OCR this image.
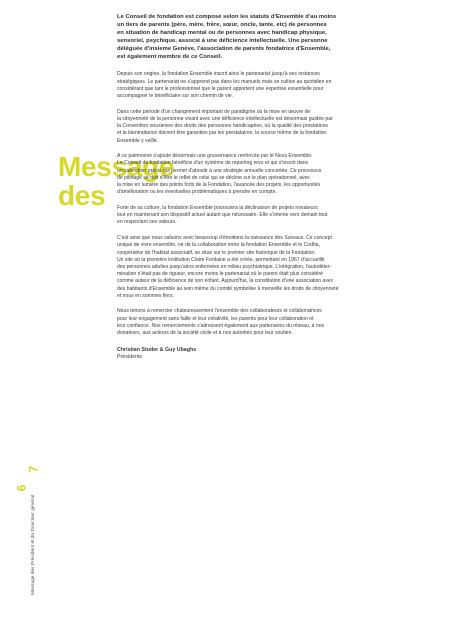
Message
des
Le Conseil de fondation est composé selon les statuts d'Ensemble d'au moins
un tiers de parents (père, mère, frère, sœur, oncle, tante, etc) de personnes
en situation de handicap mental ou de personnes avec handicap physique,
sensoriel, psychique, associé à une déficience intellectuelle. Une personne
déléguée d'insieme Genève, l'association de parents fondatrice d'Ensemble,
est également membre de ce Conseil.
Depuis son origine, la fondation Ensemble inscrit ainsi le partenariat jusqu'à ses instances
stratégiques. Le partenariat ne s'apprend pas dans les manuels mais se cultive au quotidien en
considérant que tant le professionnel que le parent apportent une expertise essentielle pour
accompagner le bénéficiaire sur son chemin de vie.
Dans cette période d'un changement important de paradigme où la mise en œuvre de
la citoyenneté de la personne vivant avec une déficience intellectuelle est désormais guidée par
la Convention onusienne des droits des personnes handicapées, où la qualité des prestations
et la bientraitance doivent être garanties par les prestataires, la source même de la fondation
Ensemble y veille.
A ce patrimoine s'ajoute désormais une gouvernance renforcée par le Nous Ensemble.
Le Conseil de fondation bénéficie d'un système de reporting revu et qui s'inscrit dans
un calendrier précis qui permet d'aboutir à une stratégie annuelle concertée. Ce processus
de pilotage se doit d'être le reflet de celui qui se décline sur le plan opérationnel, avec
la mise en lumière des points forts de la Fondation, l'avancée des projets, les opportunités
d'amélioration ou les éventuelles problématiques à prendre en compte.
Forte de sa culture, la fondation Ensemble poursuivra la déclinaison de projets novateurs
tout en maintenant son dispositif actuel autant que nécessaire. Elle s'oriente vers demain tout
en respectant ses valeurs.
C'est ainsi que nous saluons avec beaucoup d'émotions la naissance des Sureaux. Ce concept
unique de vivre ensemble, né de la collaboration entre la fondation Ensemble et le Codha,
coopérative de l'habitat associatif, se situe sur le premier site historique de la Fondation.
Un site où la première institution Claire Fontaine a été créée, permettant en 1967 d'accueillir
des personnes adultes jusqu'alors enfermées en milieu psychiatrique. L'intégration, l'autodéter-
mination n'était pas de rigueur, encore moins le partenariat où le parent était plus considéré
comme auteur de la déficience de son enfant. Aujourd'hui, la constitution d'une association avec
des habitants d'Ensemble au sein même du comité symbolise à merveille les droits de citoyenneté
et nous en sommes fiers.
Nous tenons à remercier chaleureusement l'ensemble des collaborateurs et collaboratrices
pour leur engagement sans faille et leur créativité, les parents pour leur collaboration et
leur confiance. Nos remerciements s'adressent également aux partenaires du réseau, à nos
donateurs, aux acteurs de la société civile et à nos autorités pour leur soutien.
Christian Studer & Guy Ubaghs
Présidents
Message des Président et du Directeur général
6
7
